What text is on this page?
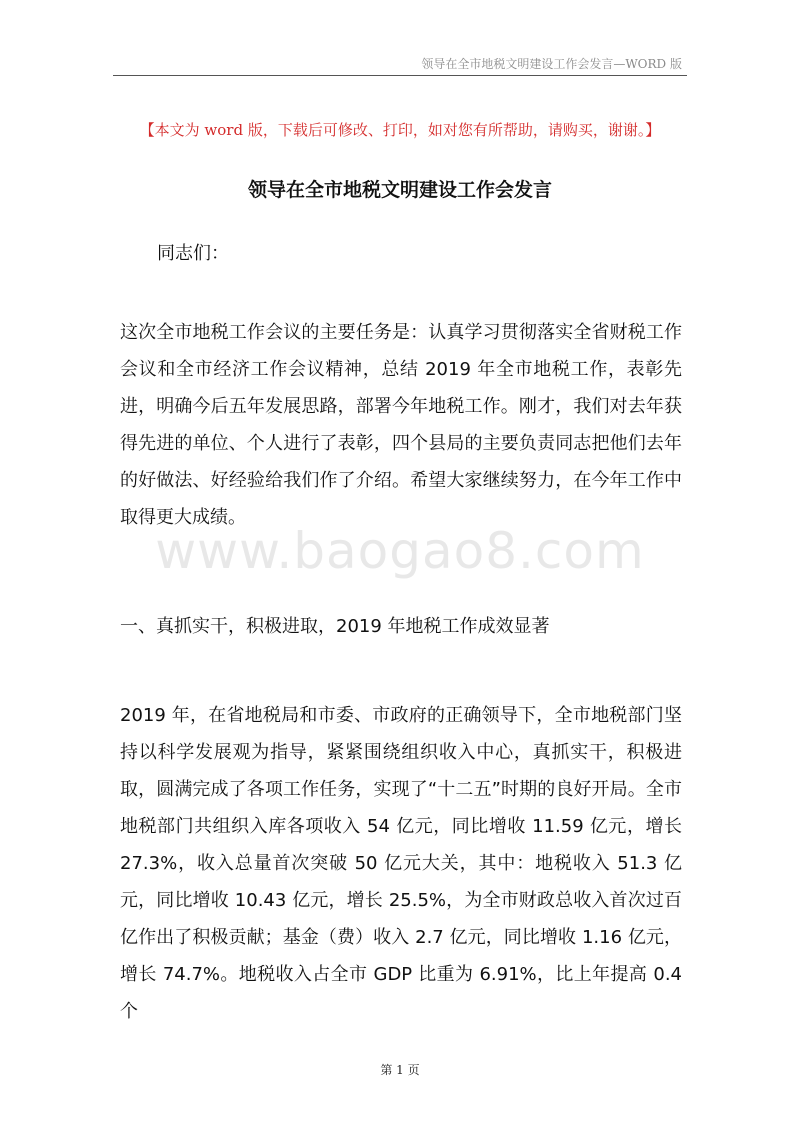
领导在全市地税文明建设工作会发言—WORD 版
【本文为 word 版，下载后可修改、打印，如对您有所帮助，请购买，谢谢。】
领导在全市地税文明建设工作会发言
同志们：

这次全市地税工作会议的主要任务是：认真学习贯彻落实全省财税工作会议和全市经济工作会议精神，总结 2019 年全市地税工作，表彰先进，明确今后五年发展思路，部署今年地税工作。刚才，我们对去年获得先进的单位、个人进行了表彰，四个县局的主要负责同志把他们去年的好做法、好经验给我们作了介绍。希望大家继续努力，在今年工作中取得更大成绩。

www.baogao8.com
一、真抓实干，积极进取，2019 年地税工作成效显著

2019 年，在省地税局和市委、市政府的正确领导下，全市地税部门坚持以科学发展观为指导，紧紧围绕组织收入中心，真抓实干，积极进取，圆满完成了各项工作任务，实现了“十二五”时期的良好开局。全市地税部门共组织入库各项收入 54 亿元，同比增收 11.59 亿元，增长 27.3%，收入总量首次突破 50 亿元大关，其中：地税收入 51.3 亿元，同比增收 10.43 亿元，增长 25.5%，为全市财政总收入首次过百亿作出了积极贡献；基金（费）收入 2.7 亿元，同比增收 1.16 亿元，增长 74.7%。地税收入占全市 GDP 比重为 6.91%，比上年提高 0.4 个

第 1 页
